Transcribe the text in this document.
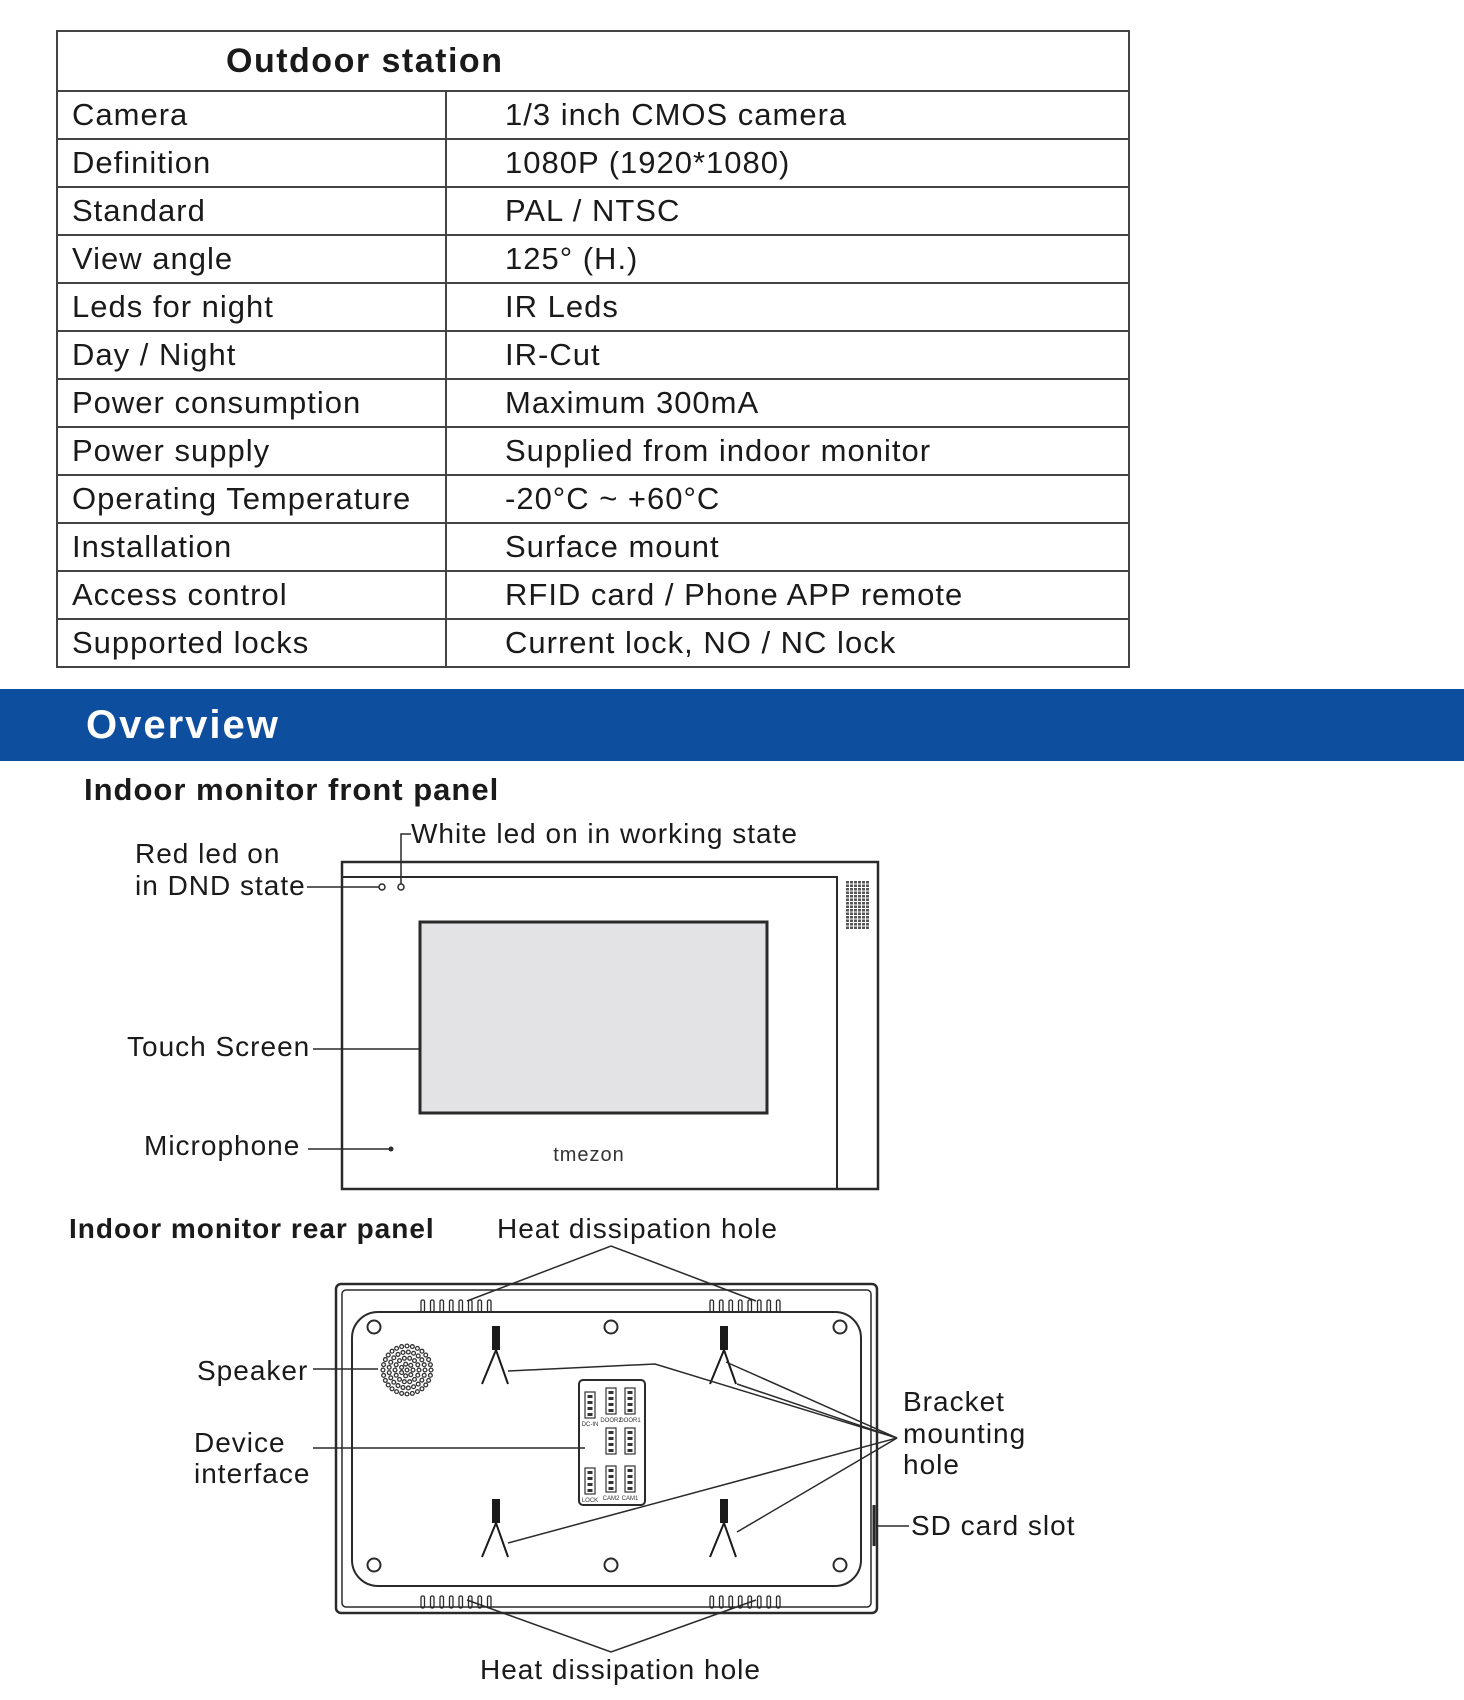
Outdoor station	
Camera	1/3 inch CMOS camera
Definition	1080P (1920*1080)
Standard	PAL / NTSC
View angle	125° (H.)
Leds for night	IR Leds
Day / Night	IR-Cut
Power consumption	Maximum 300mA
Power supply	Supplied from indoor monitor
Operating Temperature	-20°C ~ +60°C
Installation	Surface mount
Access control	RFID card / Phone APP remote
Supported locks	Current lock, NO / NC lock
Overview
Indoor monitor front panel
White led on in working state
Red led on
in DND state
Touch Screen
Microphone
Indoor monitor rear panel Heat dissipation hole
Heat dissipation hole
Speaker
Device
interface
Bracket
mounting
hole
SD card slot
tmezon
DC-IN
DOOR2
DOOR1
LOCK CAM2 CAM1
